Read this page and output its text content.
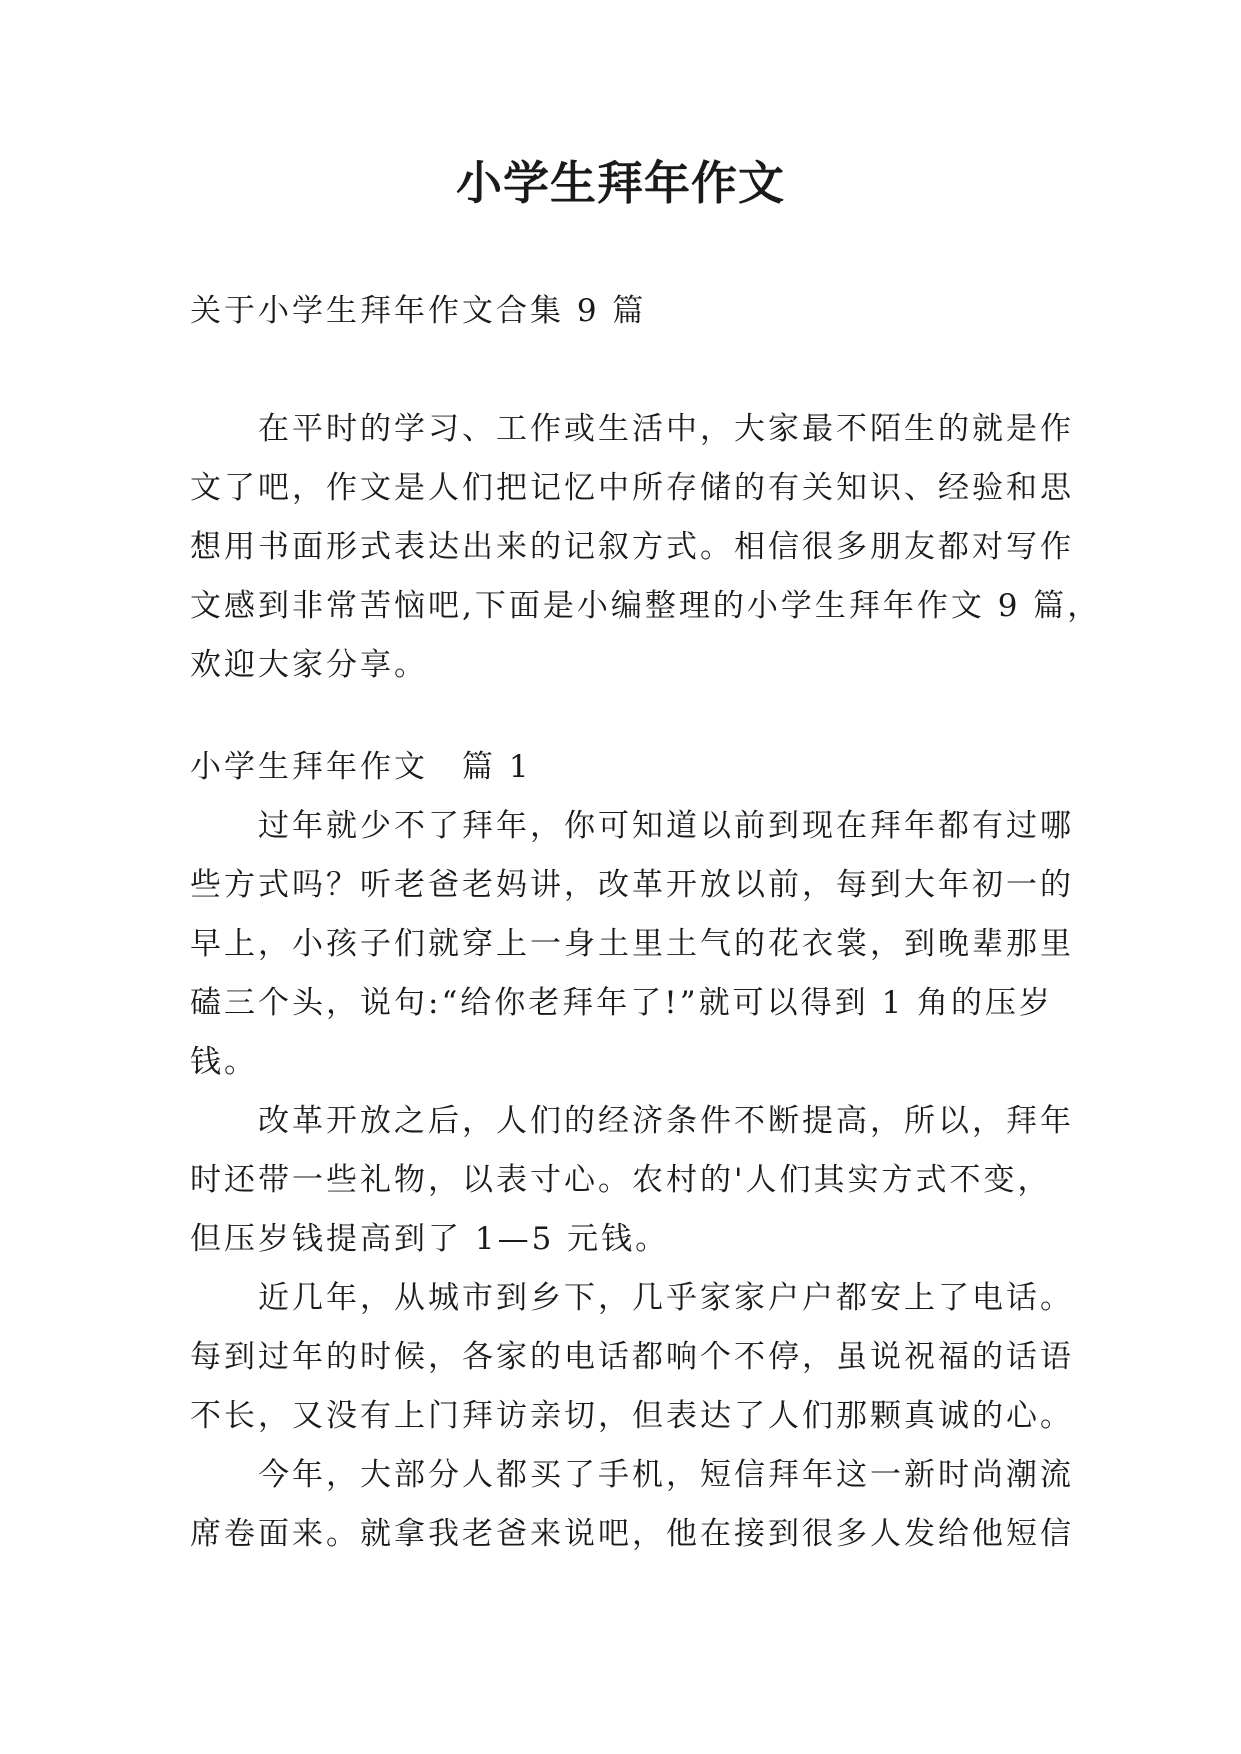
小学生拜年作文
关于小学生拜年作文合集 9 篇
　　在平时的学习、工作或生活中，大家最不陌生的就是作
文了吧，作文是人们把记忆中所存储的有关知识、经验和思
想用书面形式表达出来的记叙方式。相信很多朋友都对写作
文感到非常苦恼吧,下面是小编整理的小学生拜年作文 9 篇，
欢迎大家分享。
小学生拜年作文　篇 1
　　过年就少不了拜年，你可知道以前到现在拜年都有过哪
些方式吗？听老爸老妈讲，改革开放以前，每到大年初一的
早上，小孩子们就穿上一身土里土气的花衣裳，到晚辈那里
磕三个头，说句:“给你老拜年了!”就可以得到 1 角的压岁
钱。
　　改革开放之后，人们的经济条件不断提高，所以，拜年
时还带一些礼物，以表寸心。农村的'人们其实方式不变，
但压岁钱提高到了 1—5 元钱。
　　近几年，从城市到乡下，几乎家家户户都安上了电话。
每到过年的时候，各家的电话都响个不停，虽说祝福的话语
不长，又没有上门拜访亲切，但表达了人们那颗真诚的心。
　　今年，大部分人都买了手机，短信拜年这一新时尚潮流
席卷面来。就拿我老爸来说吧，他在接到很多人发给他短信
